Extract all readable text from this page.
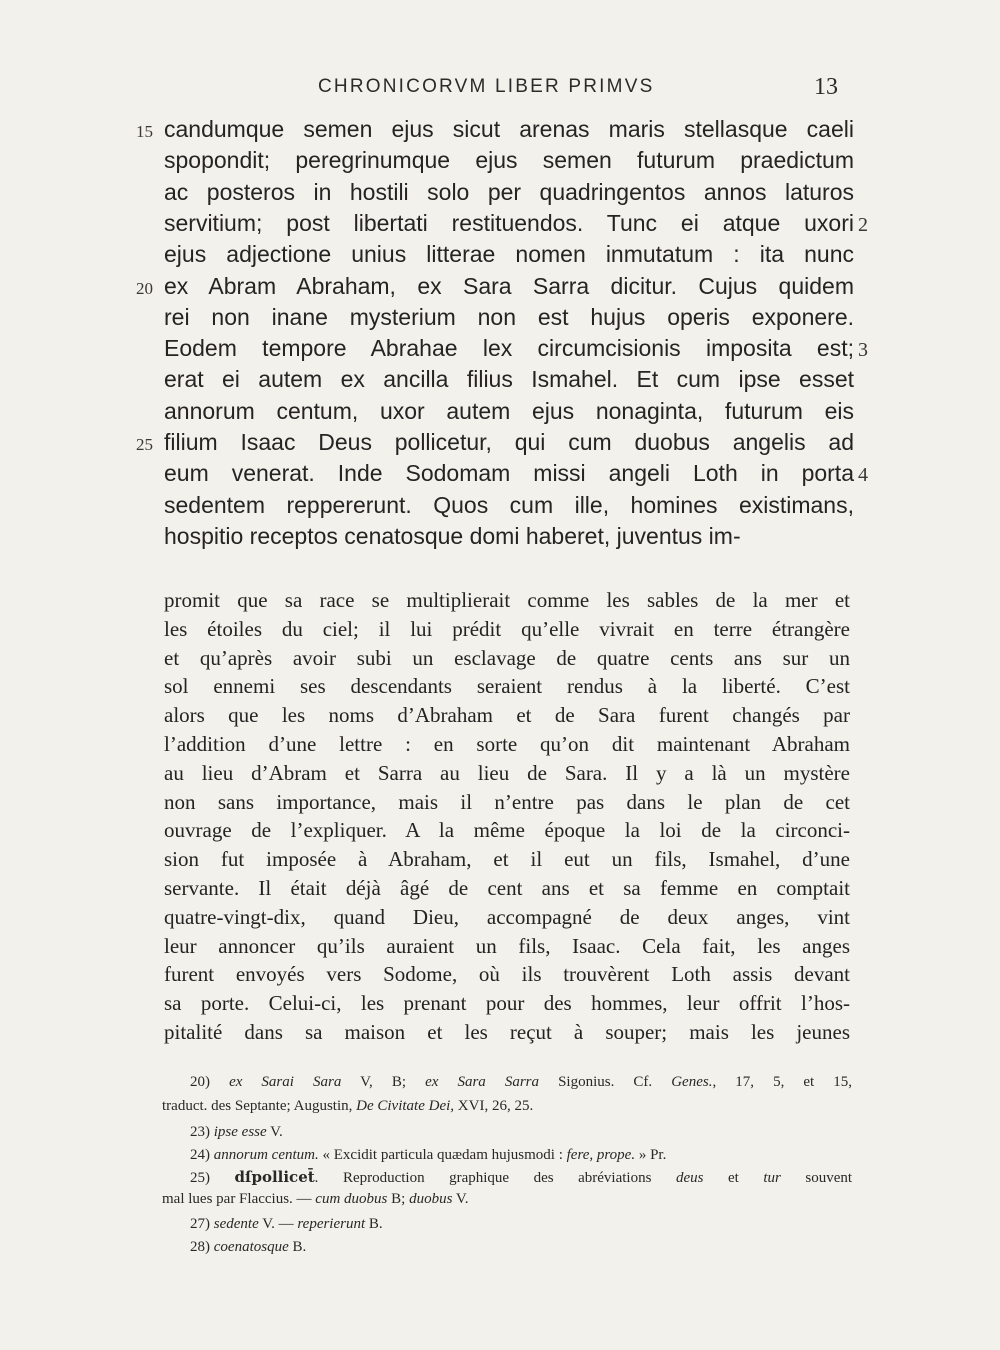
CHRONICORVM LIBER PRIMVS	13
15 candumque semen ejus sicut arenas maris stellasque caeli
spopondit; peregrinumque ejus semen futurum praedictum
ac posteros in hostili solo per quadringentos annos laturos
servitium; post libertati restituendos. Tunc ei atque uxori 2
ejus adjectione unius litterae nomen inmutatum : ita nunc
20 ex Abram Abraham, ex Sara Sarra dicitur. Cujus quidem
rei non inane mysterium non est hujus operis exponere.
Eodem tempore Abrahae lex circumcisionis imposita est; 3
erat ei autem ex ancilla filius Ismahel. Et cum ipse esset
annorum centum, uxor autem ejus nonaginta, futurum eis
25 filium Isaac Deus pollicetur, qui cum duobus angelis ad
eum venerat. Inde Sodomam missi angeli Loth in porta 4
sedentem reppererunt. Quos cum ille, homines existimans,
hospitio receptos cenatosque domi haberet, juventus im-
promit que sa race se multiplierait comme les sables de la mer et
les étoiles du ciel; il lui prédit qu’elle vivrait en terre étrangère
et qu’après avoir subi un esclavage de quatre cents ans sur un
sol ennemi ses descendants seraient rendus à la liberté. C’est
alors que les noms d’Abraham et de Sara furent changés par
l’addition d’une lettre : en sorte qu’on dit maintenant Abraham
au lieu d’Abram et Sarra au lieu de Sara. Il y a là un mystère
non sans importance, mais il n’entre pas dans le plan de cet
ouvrage de l’expliquer. A la même époque la loi de la circonci-
sion fut imposée à Abraham, et il eut un fils, Ismahel, d’une
servante. Il était déjà âgé de cent ans et sa femme en comptait
quatre-vingt-dix, quand Dieu, accompagné de deux anges, vint
leur annoncer qu’ils auraient un fils, Isaac. Cela fait, les anges
furent envoyés vers Sodome, où ils trouvèrent Loth assis devant
sa porte. Celui-ci, les prenant pour des hommes, leur offrit l’hos-
pitalité dans sa maison et les reçut à souper; mais les jeunes
20) ex Sarai Sara V, B; ex Sara Sarra Sigonius. Cf. Genes., 17, 5, et 15,
traduct. des Septante; Augustin, De Civitate Dei, XVI, 26, 25.
23) ipse esse V.
24) annorum centum. « Excidit particula quædam hujusmodi : fere, prope. » Pr.
25) dſpollicet̄. Reproduction graphique des abréviations deus et tur souvent
mal lues par Flaccius. — cum duobus B; duobus V.
27) sedente V. — reperierunt B.
28) coenatosque B.
